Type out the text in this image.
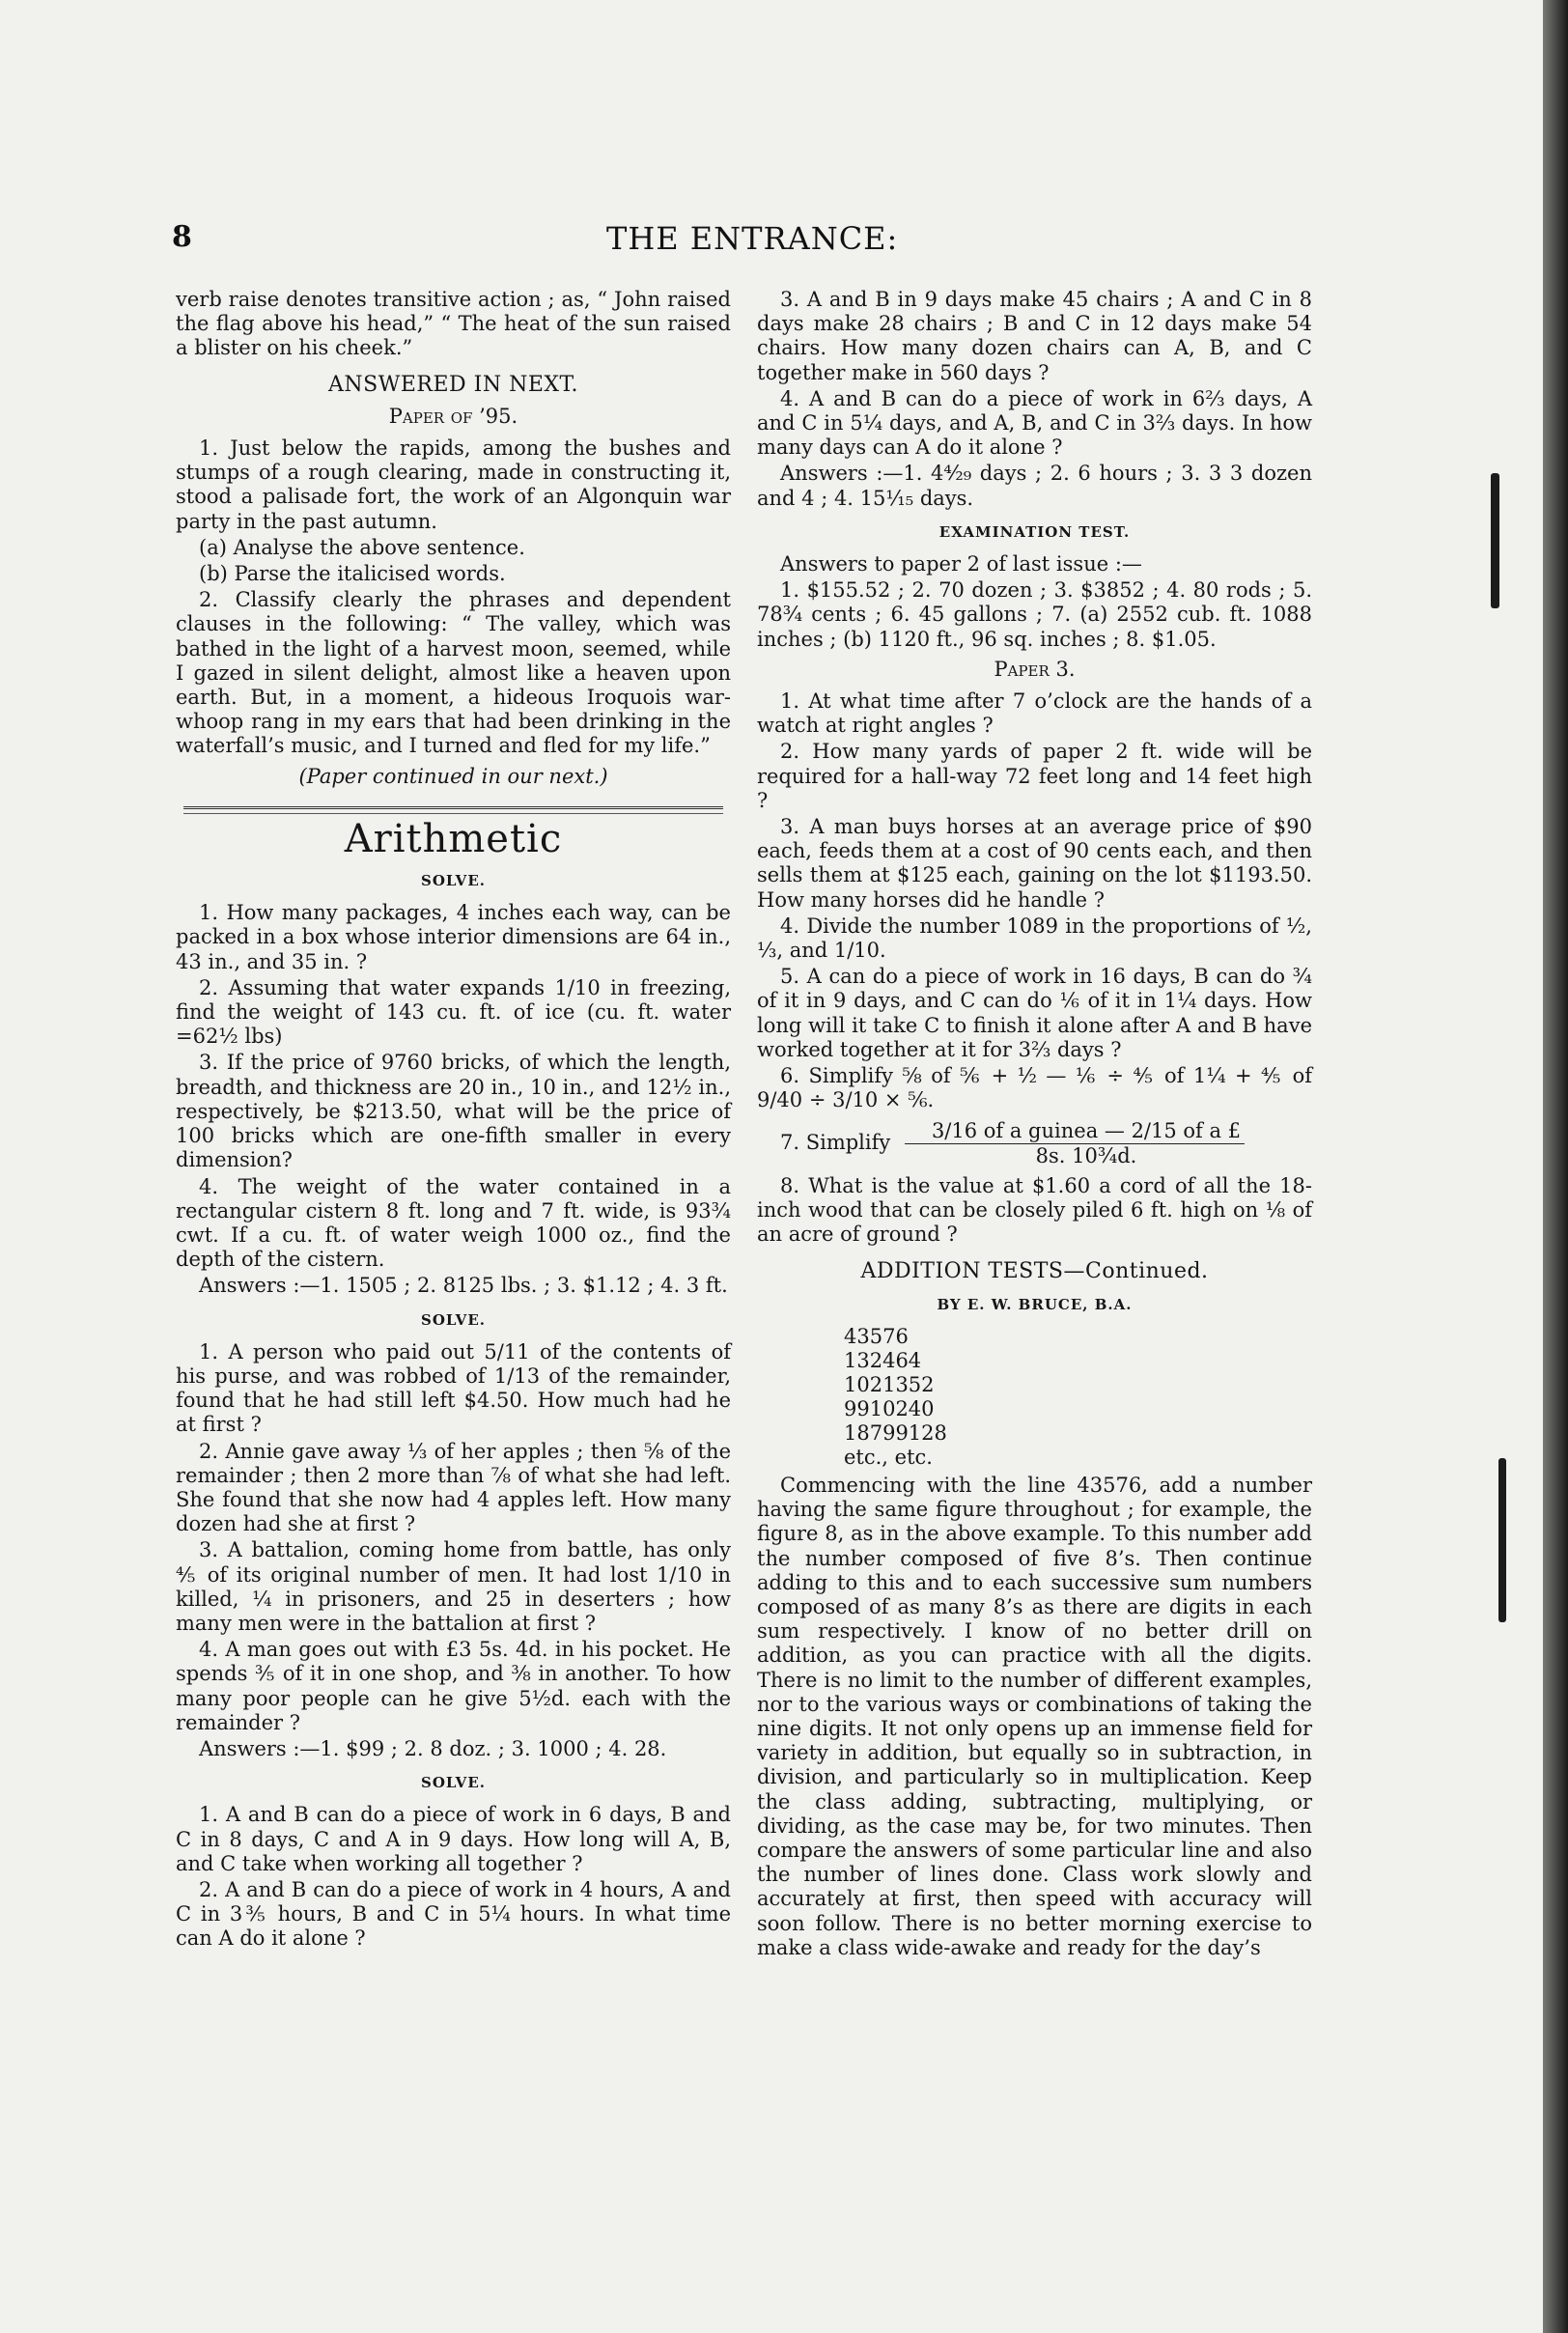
8	THE ENTRANCE:

verb raise denotes transitive action ; as, “ John raised the flag above his head,” “ The heat of the sun raised a blister on his cheek.”

ANSWERED IN NEXT.

Paper of ’95.

1. Just below the rapids, among the bushes and stumps of a rough clearing, made in constructing it, stood a palisade fort, the work of an Algonquin war party in the past autumn.

(a) Analyse the above sentence.

(b) Parse the italicised words.

2. Classify clearly the phrases and dependent clauses in the following: “ The valley, which was bathed in the light of a harvest moon, seemed, while I gazed in silent delight, almost like a heaven upon earth. But, in a moment, a hideous Iroquois war-whoop rang in my ears that had been drinking in the waterfall’s music, and I turned and fled for my life.”

(Paper continued in our next.)

Arithmetic

SOLVE.

1. How many packages, 4 inches each way, can be packed in a box whose interior dimensions are 64 in., 43 in., and 35 in. ?

2. Assuming that water expands 1/10 in freezing, find the weight of 143 cu. ft. of ice (cu. ft. water =62½ lbs)

3. If the price of 9760 bricks, of which the length, breadth, and thickness are 20 in., 10 in., and 12½ in., respectively, be $213.50, what will be the price of 100 bricks which are one-fifth smaller in every dimension?

4. The weight of the water contained in a rectangular cistern 8 ft. long and 7 ft. wide, is 93¾ cwt. If a cu. ft. of water weigh 1000 oz., find the depth of the cistern.

Answers :—1. 1505 ; 2. 8125 lbs. ; 3. $1.12 ; 4. 3 ft.

SOLVE.

1. A person who paid out 5/11 of the contents of his purse, and was robbed of 1/13 of the remainder, found that he had still left $4.50. How much had he at first ?

2. Annie gave away ⅓ of her apples ; then ⅝ of the remainder ; then 2 more than ⅞ of what she had left. She found that she now had 4 apples left. How many dozen had she at first ?

3. A battalion, coming home from battle, has only ⅘ of its original number of men. It had lost 1/10 in killed, ¼ in prisoners, and 25 in deserters ; how many men were in the battalion at first ?

4. A man goes out with £3 5s. 4d. in his pocket. He spends ⅗ of it in one shop, and ⅜ in another. To how many poor people can he give 5½d. each with the remainder ?

Answers :—1. $99 ; 2. 8 doz. ; 3. 1000 ; 4. 28.

SOLVE.

1. A and B can do a piece of work in 6 days, B and C in 8 days, C and A in 9 days. How long will A, B, and C take when working all together ?

2. A and B can do a piece of work in 4 hours, A and C in 3⅗ hours, B and C in 5¼ hours. In what time can A do it alone ?

3. A and B in 9 days make 45 chairs ; A and C in 8 days make 28 chairs ; B and C in 12 days make 54 chairs. How many dozen chairs can A, B, and C together make in 560 days ?

4. A and B can do a piece of work in 6⅔ days, A and C in 5¼ days, and A, B, and C in 3⅔ days. In how many days can A do it alone ?

Answers :—1. 4⁴⁄₂₉ days ; 2. 6 hours ; 3. 3 3 dozen and 4 ; 4. 15⅟₁₅ days.

EXAMINATION TEST.

Answers to paper 2 of last issue :—

1. $155.52 ; 2. 70 dozen ; 3. $3852 ; 4. 80 rods ; 5. 78¾ cents ; 6. 45 gallons ; 7. (a) 2552 cub. ft. 1088 inches ; (b) 1120 ft., 96 sq. inches ; 8. $1.05.

Paper 3.

1. At what time after 7 o’clock are the hands of a watch at right angles ?

2. How many yards of paper 2 ft. wide will be required for a hall-way 72 feet long and 14 feet high ?

3. A man buys horses at an average price of $90 each, feeds them at a cost of 90 cents each, and then sells them at $125 each, gaining on the lot $1193.50. How many horses did he handle ?

4. Divide the number 1089 in the proportions of ½, ⅓, and 1/10.

5. A can do a piece of work in 16 days, B can do ¾ of it in 9 days, and C can do ⅙ of it in 1¼ days. How long will it take C to finish it alone after A and B have worked together at it for 3⅔ days ?

6. Simplify ⅝ of ⅚ + ½ — ⅙ ÷ ⅘ of 1¼ + ⅘ of 9/40 ÷ 3/10 × ⅚.

7. Simplify
3/16 of a guinea — 2/15 of a £
8s. 10¾d.

8. What is the value at $1.60 a cord of all the 18-inch wood that can be closely piled 6 ft. high on ⅛ of an acre of ground ?

ADDITION TESTS—Continued.

BY E. W. BRUCE, B.A.

43576
132464
1021352
9910240
18799128
etc., etc.

Commencing with the line 43576, add a number having the same figure throughout ; for example, the figure 8, as in the above example. To this number add the number composed of five 8’s. Then continue adding to this and to each successive sum numbers composed of as many 8’s as there are digits in each sum respectively. I know of no better drill on addition, as you can practice with all the digits. There is no limit to the number of different examples, nor to the various ways or combinations of taking the nine digits. It not only opens up an immense field for variety in addition, but equally so in subtraction, in division, and particularly so in multiplication. Keep the class adding, subtracting, multiplying, or dividing, as the case may be, for two minutes. Then compare the answers of some particular line and also the number of lines done. Class work slowly and accurately at first, then speed with accuracy will soon follow. There is no better morning exercise to make a class wide-awake and ready for the day’s
